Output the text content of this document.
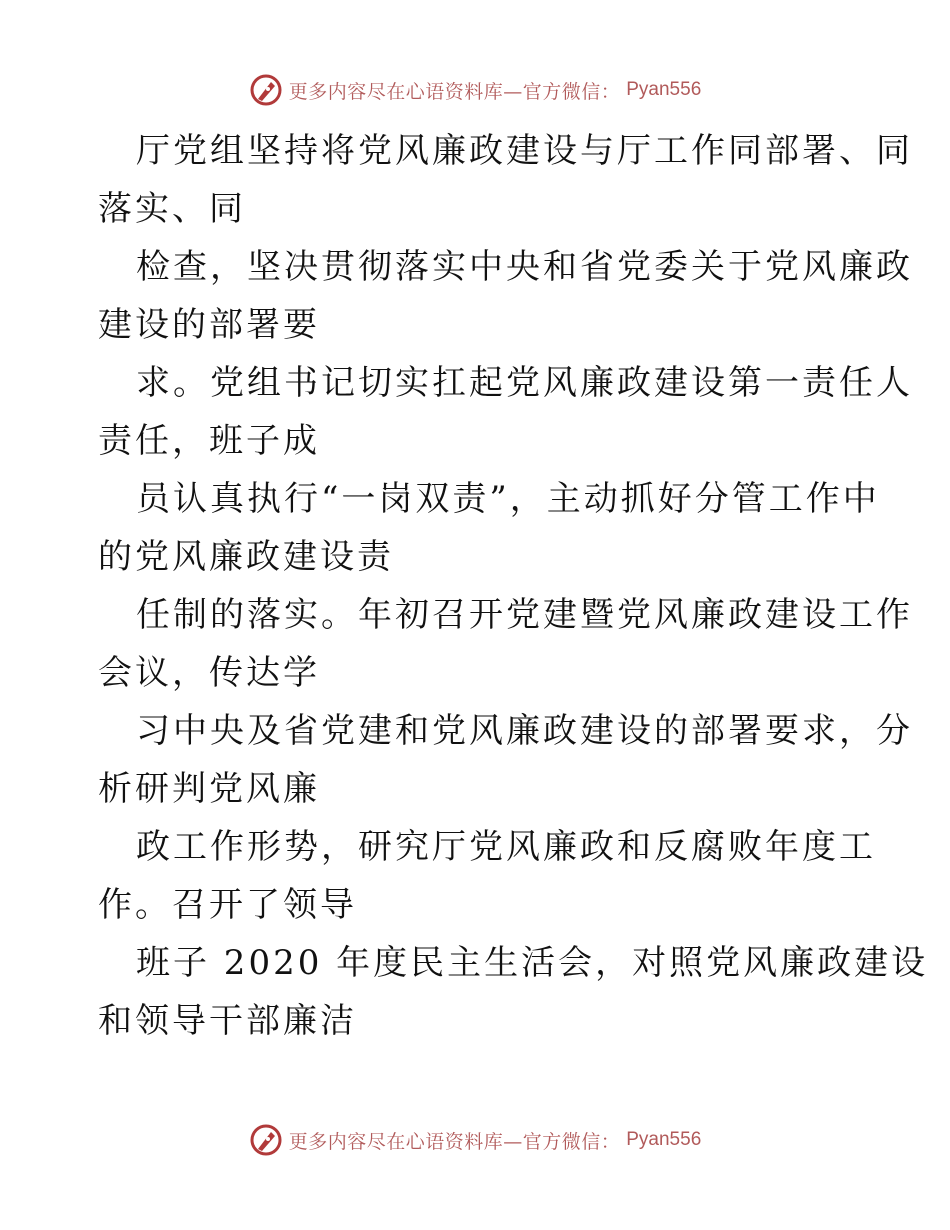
更多内容尽在心语资料库—官方微信： Pyan556

厅党组坚持将党风廉政建设与厅工作同部署、同
落实、同

检查，坚决贯彻落实中央和省党委关于党风廉政
建设的部署要

求。党组书记切实扛起党风廉政建设第一责任人
责任，班子成

员认真执行“一岗双责”，主动抓好分管工作中
的党风廉政建设责

任制的落实。年初召开党建暨党风廉政建设工作
会议，传达学

习中央及省党建和党风廉政建设的部署要求，分
析研判党风廉

政工作形势，研究厅党风廉政和反腐败年度工
作。召开了领导

班子 2020 年度民主生活会，对照党风廉政建设
和领导干部廉洁

更多内容尽在心语资料库—官方微信： Pyan556
